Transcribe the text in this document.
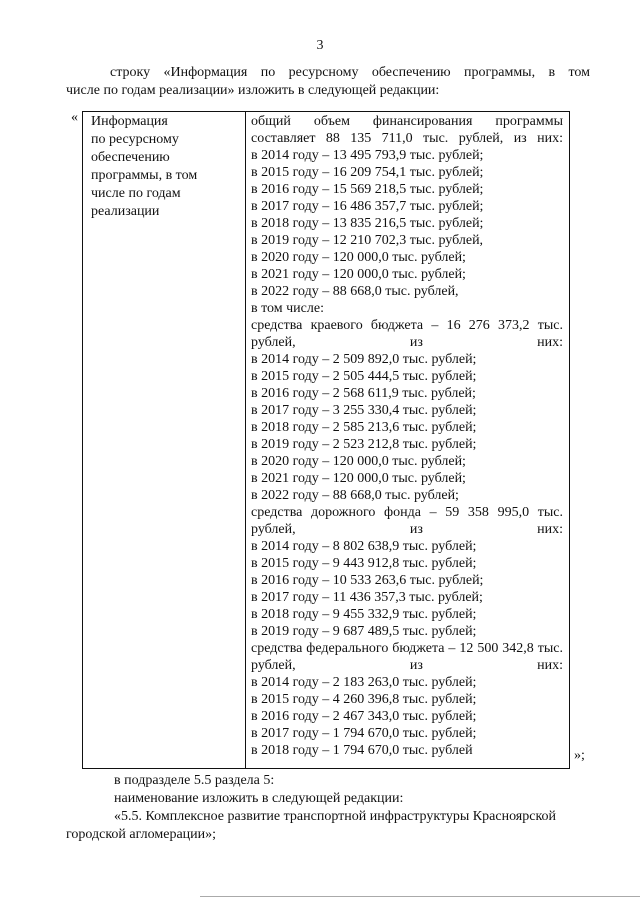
3
строку «Информация по ресурсному обеспечению программы, в том
числе по годам реализации» изложить в следующей редакции:
« Информация
по ресурсному
обеспечению
программы, в том
числе по годам
реализации
общий объем финансирования программы составляет 88 135 711,0 тыс. рублей, из них:
в 2014 году – 13 495 793,9 тыс. рублей;
в 2015 году – 16 209 754,1 тыс. рублей;
в 2016 году – 15 569 218,5 тыс. рублей;
в 2017 году – 16 486 357,7 тыс. рублей;
в 2018 году – 13 835 216,5 тыс. рублей;
в 2019 году – 12 210 702,3 тыс. рублей,
в 2020 году – 120 000,0 тыс. рублей;
в 2021 году – 120 000,0 тыс. рублей;
в 2022 году – 88 668,0 тыс. рублей,
в том числе:
средства краевого бюджета – 16 276 373,2 тыс. рублей, из них:
в 2014 году – 2 509 892,0 тыс. рублей;
в 2015 году – 2 505 444,5 тыс. рублей;
в 2016 году – 2 568 611,9 тыс. рублей;
в 2017 году – 3 255 330,4 тыс. рублей;
в 2018 году – 2 585 213,6 тыс. рублей;
в 2019 году – 2 523 212,8 тыс. рублей;
в 2020 году – 120 000,0 тыс. рублей;
в 2021 году – 120 000,0 тыс. рублей;
в 2022 году – 88 668,0 тыс. рублей;
средства дорожного фонда – 59 358 995,0 тыс. рублей, из них:
в 2014 году – 8 802 638,9 тыс. рублей;
в 2015 году – 9 443 912,8 тыс. рублей;
в 2016 году – 10 533 263,6 тыс. рублей;
в 2017 году – 11 436 357,3 тыс. рублей;
в 2018 году – 9 455 332,9 тыс. рублей;
в 2019 году – 9 687 489,5 тыс. рублей;
средства федерального бюджета – 12 500 342,8 тыс. рублей, из них:
в 2014 году – 2 183 263,0 тыс. рублей;
в 2015 году – 4 260 396,8 тыс. рублей;
в 2016 году – 2 467 343,0 тыс. рублей;
в 2017 году – 1 794 670,0 тыс. рублей;
в 2018 году – 1 794 670,0 тыс. рублей	»;
в подразделе 5.5 раздела 5:
наименование изложить в следующей редакции:
«5.5. Комплексное развитие транспортной инфраструктуры Красноярской
городской агломерации»;
